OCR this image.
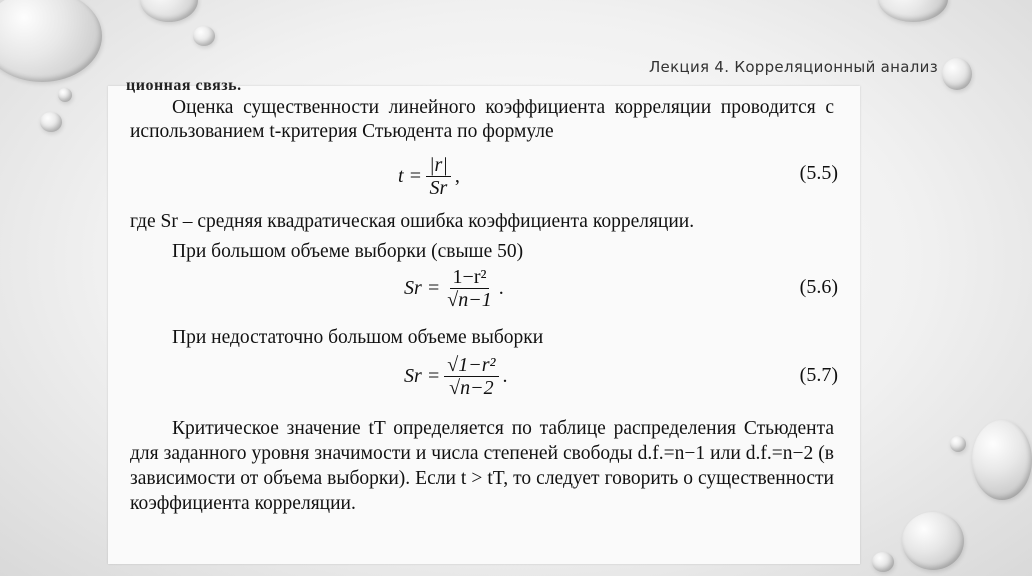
Лекция 4. Корреляционный анализ
ционная связь.
Оценка существенности линейного коэффициента корреляции проводится с использованием t-критерия Стьюдента по формуле
$t = \frac{|r|}{Sr}$ ,	(5.5)
где Sr – средняя квадратическая ошибка коэффициента корреляции.
При большом объеме выборки (свыше 50)
$Sr = \frac{\text{1−r²}}{√n-1}$ .	(5.6)
При недостаточно большом объеме выборки
$Sr = \frac{\text{√1−r²}}{√n-2}$ .	(5.7)
Критическое значение tT определяется по таблице распределения Стьюдента для заданного уровня значимости и числа степеней свободы d.f.=n−1 или d.f.=n−2 (в зависимости от объема выборки). Если t > tT, то следует говорить о существенности коэффициента корреляции.
